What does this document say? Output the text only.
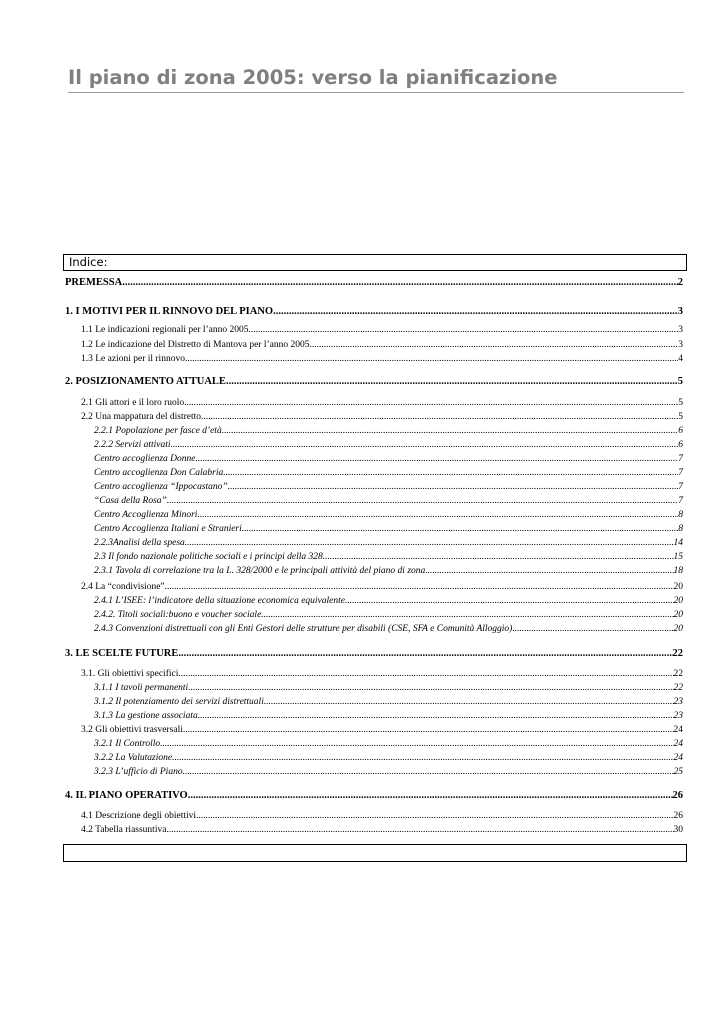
Il piano di zona 2005: verso la pianificazione
Indice:
PREMESSA .....	2
1. I MOTIVI PER IL RINNOVO DEL PIANO .....	3
1.1 Le indicazioni regionali per l’anno 2005 .....	3
1.2 Le indicazione del Distretto di Mantova per l’anno 2005 .....	3
1.3 Le azioni per il rinnovo .....	4
2. POSIZIONAMENTO ATTUALE .....	5
2.1 Gli attori e il loro ruolo .....	5
2.2 Una mappatura del distretto .....	5
2.2.1 Popolazione per fasce d’età .....	6
2.2.2 Servizi attivati .....	6
Centro accoglienza Donne .....	7
Centro accoglienza Don Calabria .....	7
Centro accoglienza “Ippocastano” .....	7
“Casa della Rosa” .....	7
Centro Accoglienza Minori .....	8
Centro Accoglienza Italiani e Stranieri .....	8
2.2.3Analisi della spesa .....	14
2.3 Il fondo nazionale politiche sociali e i principi della 328 .....	15
2.3.1 Tavola di correlazione tra la L. 328/2000 e le principali attività del piano di zona .....	18
2.4 La “condivisione” .....	20
2.4.1 L’ISEE: l’indicatore della situazione economica equivalente .....	20
2.4.2. Titoli sociali:buono e voucher sociale .....	20
2.4.3 Convenzioni distrettuali con gli Enti Gestori delle strutture per disabili (CSE, SFA e Comunità Alloggio) .....	20
3. LE SCELTE FUTURE .....	22
3.1. Gli obiettivi specifici .....	22
3.1.1 I tavoli permanenti .....	22
3.1.2 Il potenziamento dei servizi distrettuali .....	23
3.1.3 La gestione associata .....	23
3.2 Gli obiettivi trasversali .....	24
3.2.1 Il Controllo .....	24
3.2.2 La Valutazione .....	24
3.2.3 L’ufficio di Piano .....	25
4. IL PIANO OPERATIVO .....	26
4.1 Descrizione degli obiettivi .....	26
4.2 Tabella riassuntiva .....	30
